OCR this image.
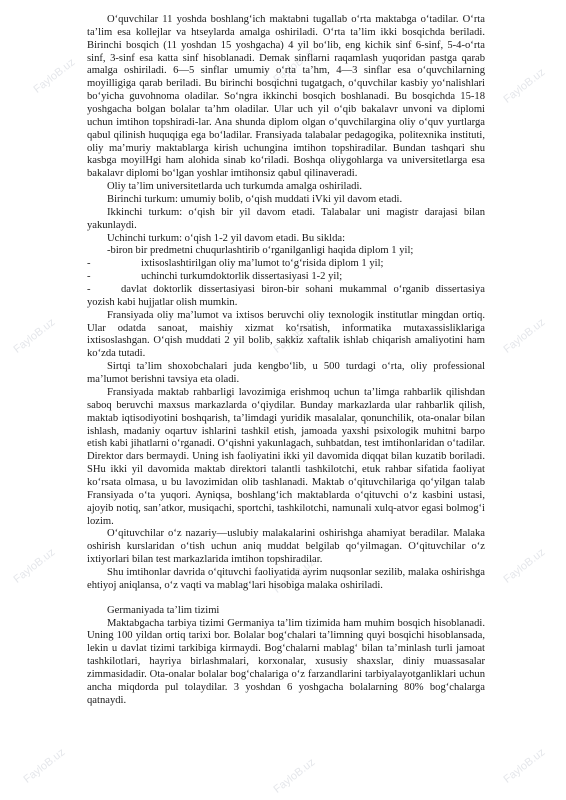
FayloB.uz	FayloB.uz
FayloB.uz
FayloB.uz	FayloB.uz	FayloB.uz
FayloB.uz	FayloB.uz	FayloB.uz
FayloB.uz	FayloB.uz	FayloB.uz

O‘quvchilar 11 yoshda boshlang‘ich maktabni tugallab o‘rta maktabga o‘tadilar. O‘rta ta’lim esa kollejlar va htseylarda amalga oshiriladi. O‘rta ta’lim ikki bosqichda beriladi. Birinchi bosqich (11 yoshdan 15 yoshgacha) 4 yil bo‘lib, eng kichik sinf 6-sinf, 5-4-o‘rta sinf, 3-sinf esa katta sinf hisoblanadi. Demak sinflarni raqamlash yuqoridan pastga qarab amalga oshiriladi. 6—5 sinflar umumiy o‘rta ta’hm, 4—3 sinflar esa o‘quvchilarning moyilligiga qarab beriladi. Bu birinchi bosqichni tugatgach, o‘quvchilar kasbiy yo‘nalishlari bo‘yicha guvohnoma oladilar. So‘ngra ikkinchi bosqich boshlanadi. Bu bosqichda 15-18 yoshgacha bolgan bolalar ta’hm oladilar. Ular uch yil o‘qib bakalavr unvoni va diplomi uchun imtihon topshiradi-lar. Ana shunda diplom olgan o‘quvchilargina oliy o‘quv yurtlarga qabul qilinish huquqiga ega bo‘ladilar. Fransiyada talabalar pedagogika, politexnika instituti, oliy ma’muriy maktablarga kirish uchungina imtihon topshiradilar. Bundan tashqari shu kasbga moyilHgi ham alohida sinab ko‘riladi. Boshqa oliygohlarga va universitetlarga esa bakalavr diplomi bo‘lgan yoshlar imtihonsiz qabul qilinaveradi.

Oliy ta’lim universitetlarda uch turkumda amalga oshiriladi.

Birinchi turkum: umumiy bolib, o‘qish muddati iVki yil davom etadi.

Ikkinchi turkum: o‘qish bir yil davom etadi. Talabalar uni magistr darajasi bilan yakunlaydi.

Uchinchi turkum: o‘qish 1-2 yil davom etadi. Bu siklda:

-biron bir predmetni chuqurlashtirib o‘rganilganligi haqida diplom 1 yil;

-	ixtisoslashtirilgan oliy ma’lumot to‘g‘risida diplom 1 yil;

-	uchinchi turkumdoktorlik dissertasiyasi 1-2 yil;

-	davlat doktorlik dissertasiyasi biron-bir sohani mukammal o‘rganib dissertasiya yozish kabi hujjatlar olish mumkin.

Fransiyada oliy ma’lumot va ixtisos beruvchi oliy texnologik institutlar mingdan ortiq. Ular odatda sanoat, maishiy xizmat ko‘rsatish, informatika mutaxassisliklariga ixtisoslashgan. O‘qish muddati 2 yil bolib, sakkiz xaftalik ishlab chiqarish amaliyotini ham ko‘zda tutadi.

Sirtqi ta’lim shoxobchalari juda kengbo‘lib, u 500 turdagi o‘rta, oliy professional ma’lumot berishni tavsiya eta oladi.

Fransiyada maktab rahbarligi lavozimiga erishmoq uchun ta’limga rahbarlik qilishdan saboq beruvchi maxsus markazlarda o‘qiydilar. Bunday markazlarda ular rahbarlik qilish, maktab iqtisodiyotini boshqarish, ta’limdagi yuridik masalalar, qonunchilik, ota-onalar bilan ishlash, madaniy oqartuv ishlarini tashkil etish, jamoada yaxshi psixologik muhitni barpo etish kabi jihatlarni o‘rganadi. O‘qishni yakunlagach, suhbatdan, test imtihonlaridan o‘tadilar. Direktor dars bermaydi. Uning ish faoliyatini ikki yil davomida diqqat bilan kuzatib boriladi. SHu ikki yil davomida maktab direktori talantli tashkilotchi, etuk rahbar sifatida faoliyat ko‘rsata olmasa, u bu lavozimidan olib tashlanadi. Maktab o‘qituvchilariga qo‘yilgan talab Fransiyada o‘ta yuqori. Ayniqsa, boshlang‘ich maktablarda o‘qituvchi o‘z kasbini ustasi, ajoyib notiq, san’atkor, musiqachi, sportchi, tashkilotchi, namunali xulq-atvor egasi bolmog‘i lozim.

O‘qituvchilar o‘z nazariy—uslubiy malakalarini oshirishga ahamiyat beradilar. Malaka oshirish kurslaridan o‘tish uchun aniq muddat belgilab qo‘yilmagan. O‘qituvchilar o‘z ixtiyorlari bilan test markazlarida imtihon topshiradilar.

Shu imtihonlar davrida o‘qituvchi faoliyatida ayrim nuqsonlar sezilib, malaka oshirishga ehtiyoj aniqlansa, o‘z vaqti va mablag‘lari hisobiga malaka oshiriladi.

Germaniyada ta’lim tizimi

Maktabgacha tarbiya tizimi Germaniya ta’lim tizimida ham muhim bosqich hisoblanadi. Uning 100 yildan ortiq tarixi bor. Bolalar bog‘chalari ta’limning quyi bosqichi hisoblansada, lekin u davlat tizimi tarkibiga kirmaydi. Bog‘chalarni mablag‘ bilan ta’minlash turli jamoat tashkilotlari, hayriya birlashmalari, korxonalar, xususiy shaxslar, diniy muassasalar zimmasidadir. Ota-onalar bolalar bog‘chalariga o‘z farzandlarini tarbiyalayotganliklari uchun ancha miqdorda pul tolaydilar. 3 yoshdan 6 yoshgacha bolalarning 80% bog‘chalarga qatnaydi.
